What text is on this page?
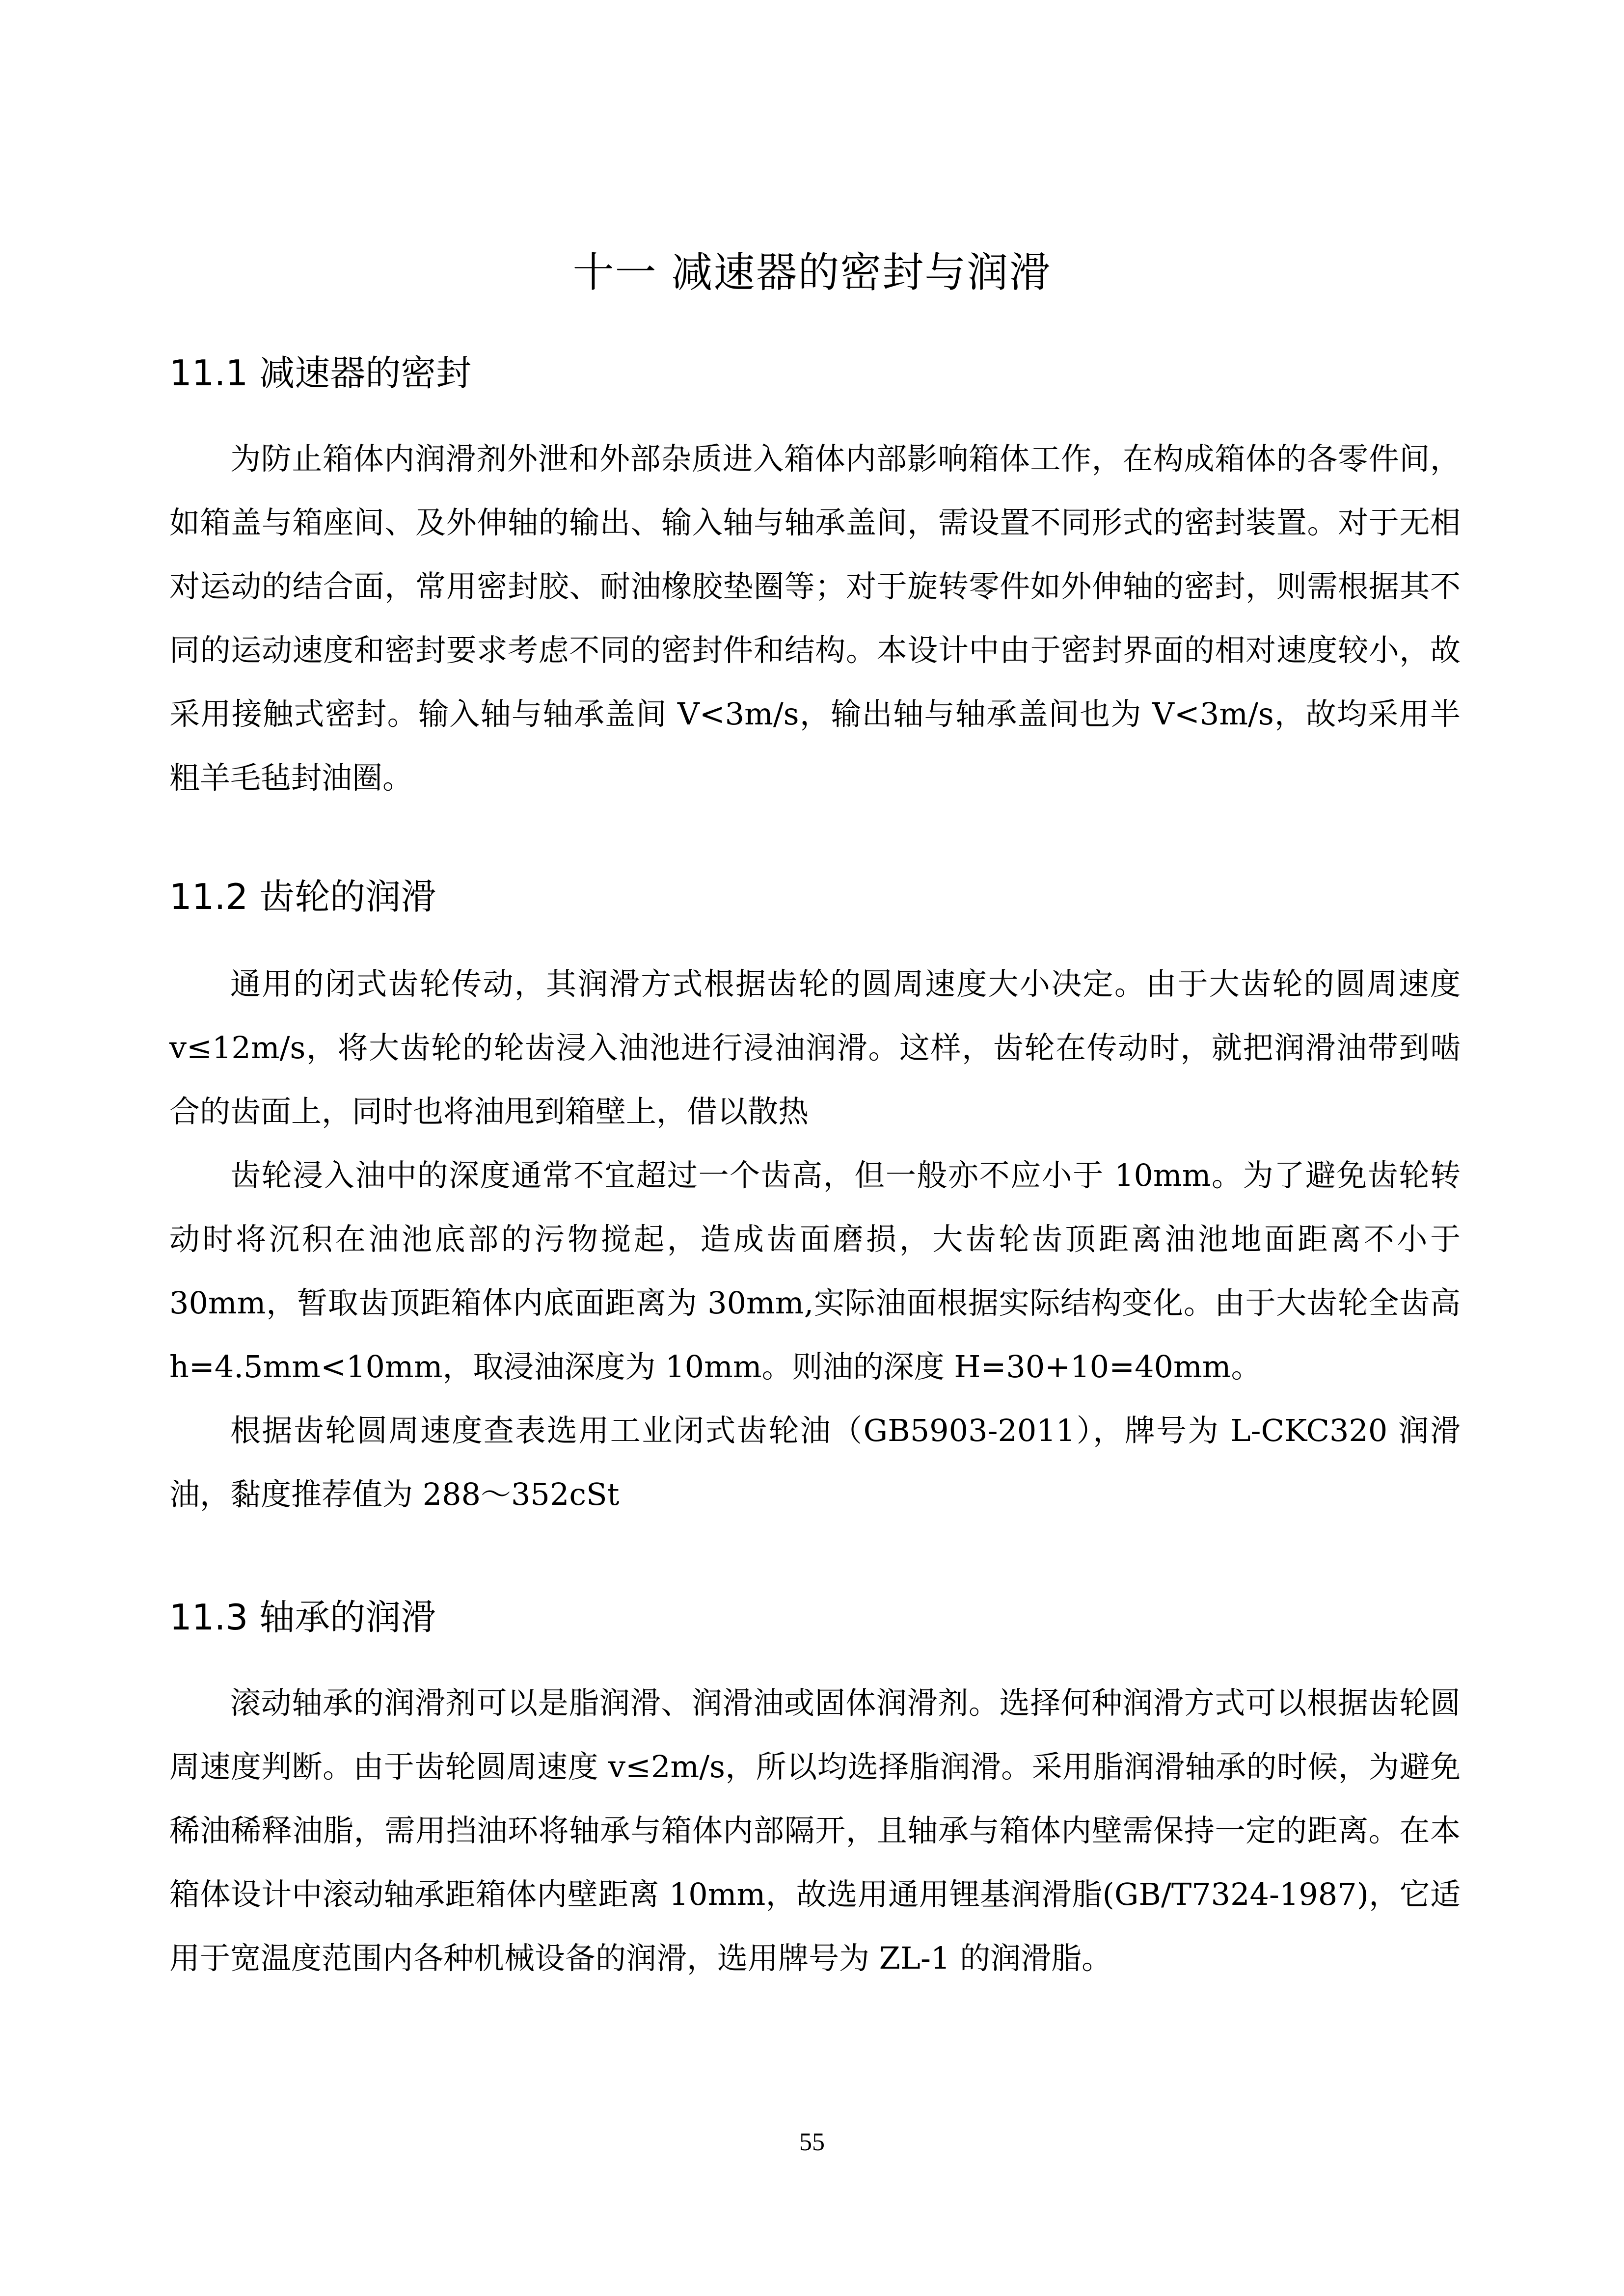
十一 减速器的密封与润滑
11.1 减速器的密封

为防止箱体内润滑剂外泄和外部杂质进入箱体内部影响箱体工作，在构成箱体的各零件间，如箱盖与箱座间、及外伸轴的输出、输入轴与轴承盖间，需设置不同形式的密封装置。对于无相对运动的结合面，常用密封胶、耐油橡胶垫圈等；对于旋转零件如外伸轴的密封，则需根据其不同的运动速度和密封要求考虑不同的密封件和结构。本设计中由于密封界面的相对速度较小，故采用接触式密封。输入轴与轴承盖间 V<3m/s，输出轴与轴承盖间也为 V<3m/s，故均采用半粗羊毛毡封油圈。

11.2 齿轮的润滑

通用的闭式齿轮传动，其润滑方式根据齿轮的圆周速度大小决定。由于大齿轮的圆周速度 v≤12m/s，将大齿轮的轮齿浸入油池进行浸油润滑。这样，齿轮在传动时，就把润滑油带到啮合的齿面上，同时也将油甩到箱壁上，借以散热

齿轮浸入油中的深度通常不宜超过一个齿高，但一般亦不应小于 10mm。为了避免齿轮转动时将沉积在油池底部的污物搅起，造成齿面磨损，大齿轮齿顶距离油池地面距离不小于 30mm，暂取齿顶距箱体内底面距离为 30mm,实际油面根据实际结构变化。由于大齿轮全齿高 h=4.5mm<10mm，取浸油深度为 10mm。则油的深度 H=30+10=40mm。

根据齿轮圆周速度查表选用工业闭式齿轮油（GB5903-2011），牌号为 L-CKC320 润滑油，黏度推荐值为 288～352cSt

11.3 轴承的润滑

滚动轴承的润滑剂可以是脂润滑、润滑油或固体润滑剂。选择何种润滑方式可以根据齿轮圆周速度判断。由于齿轮圆周速度 v≤2m/s，所以均选择脂润滑。采用脂润滑轴承的时候，为避免稀油稀释油脂，需用挡油环将轴承与箱体内部隔开，且轴承与箱体内壁需保持一定的距离。在本箱体设计中滚动轴承距箱体内壁距离 10mm，故选用通用锂基润滑脂(GB/T7324-1987)，它适用于宽温度范围内各种机械设备的润滑，选用牌号为 ZL-1 的润滑脂。

55
